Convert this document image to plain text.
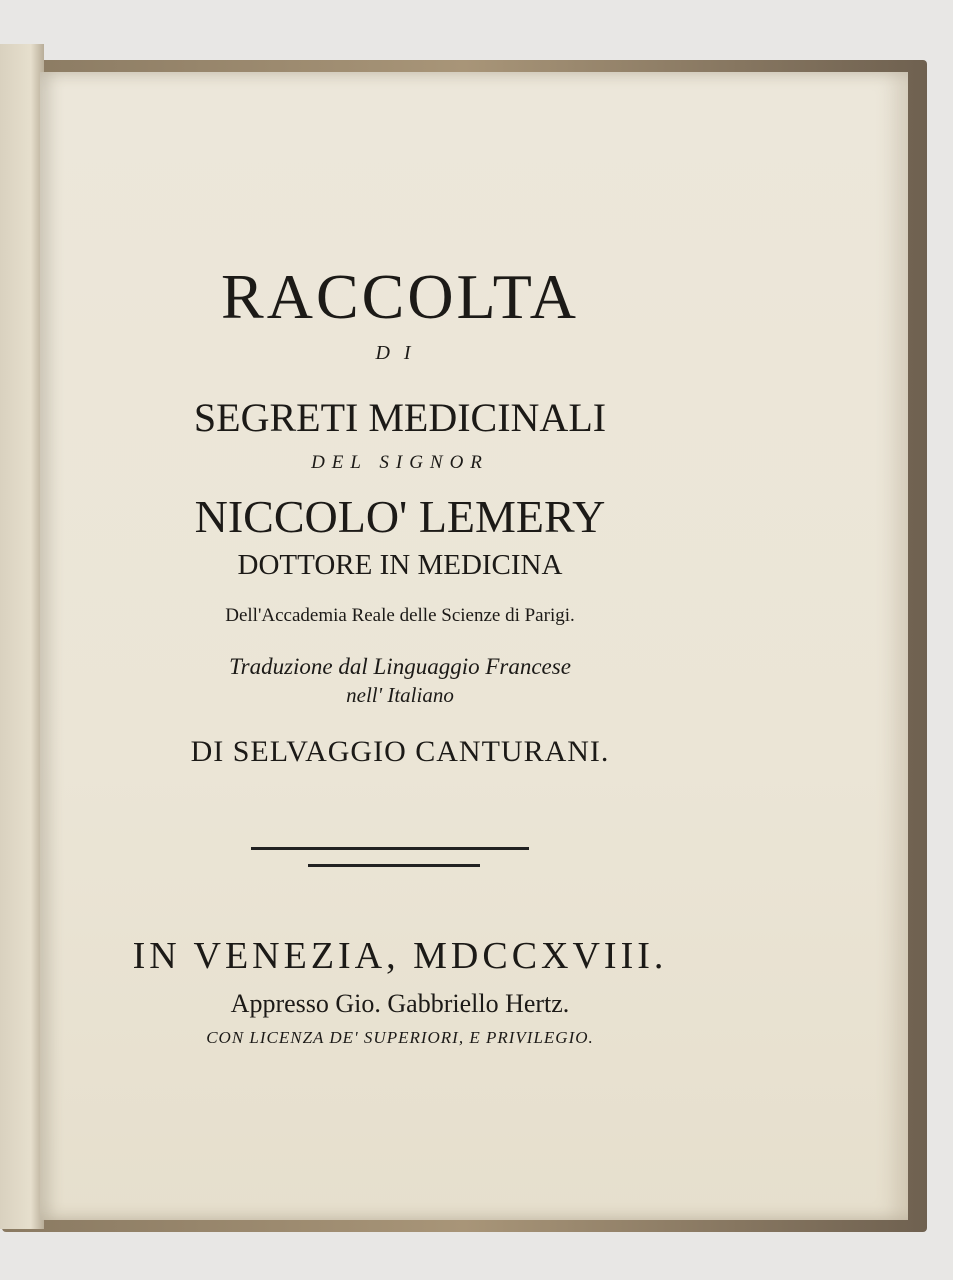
RACCOLTA
DI
SEGRETI MEDICINALI
DEL SIGNOR
NICCOLO' LEMERY
DOTTORE IN MEDICINA
Dell'Accademia Reale delle Scienze di Parigi.
Traduzione dal Linguaggio Francese
nell' Italiano
DI SELVAGGIO CANTURANI.
IN VENEZIA, MDCCXVIII.
Appresso Gio. Gabbriello Hertz.
CON LICENZA DE' SUPERIORI, E PRIVILEGIO.
